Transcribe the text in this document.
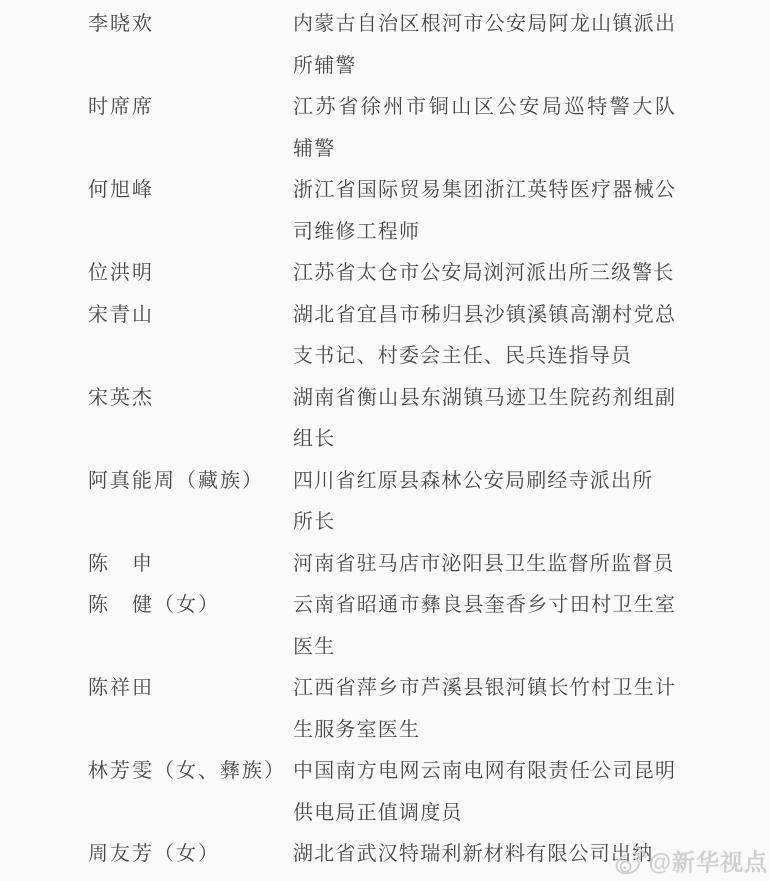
李晓欢	内蒙古自治区根河市公安局阿龙山镇派出
所辅警
时席席	江苏省徐州市铜山区公安局巡特警大队
辅警
何旭峰	浙江省国际贸易集团浙江英特医疗器械公
司维修工程师
位洪明	江苏省太仓市公安局浏河派出所三级警长
宋青山	湖北省宜昌市秭归县沙镇溪镇高潮村党总
支书记、村委会主任、民兵连指导员
宋英杰	湖南省衡山县东湖镇马迹卫生院药剂组副
组长
阿真能周（藏族）	四川省红原县森林公安局刷经寺派出所
所长
陈　申	河南省驻马店市泌阳县卫生监督所监督员
陈　健（女）	云南省昭通市彝良县奎香乡寸田村卫生室
医生
陈祥田	江西省萍乡市芦溪县银河镇长竹村卫生计
生服务室医生
林芳雯（女、彝族） 中国南方电网云南电网有限责任公司昆明
供电局正值调度员
周友芳（女）	湖北省武汉特瑞利新材料有限公司出纳
@新华视点
